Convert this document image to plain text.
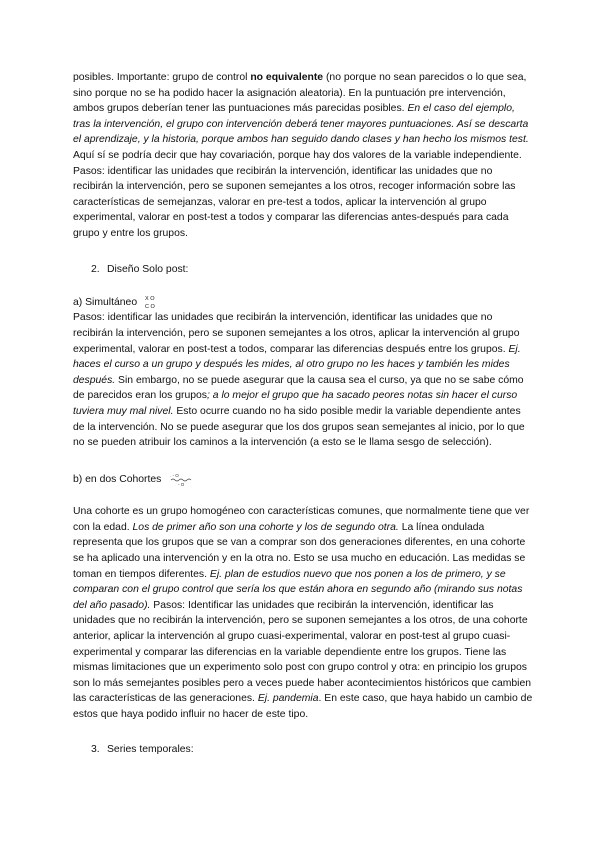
posibles. Importante: grupo de control no equivalente (no porque no sean parecidos o lo que sea, sino porque no se ha podido hacer la asignación aleatoria). En la puntuación pre intervención, ambos grupos deberían tener las puntuaciones más parecidas posibles. En el caso del ejemplo, tras la intervención, el grupo con intervención deberá tener mayores puntuaciones. Así se descarta el aprendizaje, y la historia, porque ambos han seguido dando clases y han hecho los mismos test. Aquí sí se podría decir que hay covariación, porque hay dos valores de la variable independiente. Pasos: identificar las unidades que recibirán la intervención, identificar las unidades que no recibirán la intervención, pero se suponen semejantes a los otros, recoger información sobre las características de semejanzas, valorar en pre-test a todos, aplicar la intervención al grupo experimental, valorar en post-test a todos y comparar las diferencias antes-después para cada grupo y entre los grupos.

2. Diseño Solo post:

a) Simultáneo X O
C O

Pasos: identificar las unidades que recibirán la intervención, identificar las unidades que no recibirán la intervención, pero se suponen semejantes a los otros, aplicar la intervención al grupo experimental, valorar en post-test a todos, comparar las diferencias después entre los grupos. Ej. haces el curso a un grupo y después les mides, al otro grupo no les haces y también les mides después. Sin embargo, no se puede asegurar que la causa sea el curso, ya que no se sabe cómo de parecidos eran los grupos; a lo mejor el grupo que ha sacado peores notas sin hacer el curso tuviera muy mal nivel. Esto ocurre cuando no ha sido posible medir la variable dependiente antes de la intervención. No se puede asegurar que los dos grupos sean semejantes al inicio, por lo que no se pueden atribuir los caminos a la intervención (a esto se le llama sesgo de selección).

b) en dos Cohortes . - O
- O

Una cohorte es un grupo homogéneo con características comunes, que normalmente tiene que ver con la edad. Los de primer año son una cohorte y los de segundo otra. La línea ondulada representa que los grupos que se van a comprar son dos generaciones diferentes, en una cohorte se ha aplicado una intervención y en la otra no. Esto se usa mucho en educación. Las medidas se toman en tiempos diferentes. Ej. plan de estudios nuevo que nos ponen a los de primero, y se comparan con el grupo control que sería los que están ahora en segundo año (mirando sus notas del año pasado). Pasos: Identificar las unidades que recibirán la intervención, identificar las unidades que no recibirán la intervención, pero se suponen semejantes a los otros, de una cohorte anterior, aplicar la intervención al grupo cuasi-experimental, valorar en post-test al grupo cuasi-experimental y comparar las diferencias en la variable dependiente entre los grupos. Tiene las mismas limitaciones que un experimento solo post con grupo control y otra: en principio los grupos son lo más semejantes posibles pero a veces puede haber acontecimientos históricos que cambien las características de las generaciones. Ej. pandemia. En este caso, que haya habido un cambio de estos que haya podido influir no hacer de este tipo.

3. Series temporales:
